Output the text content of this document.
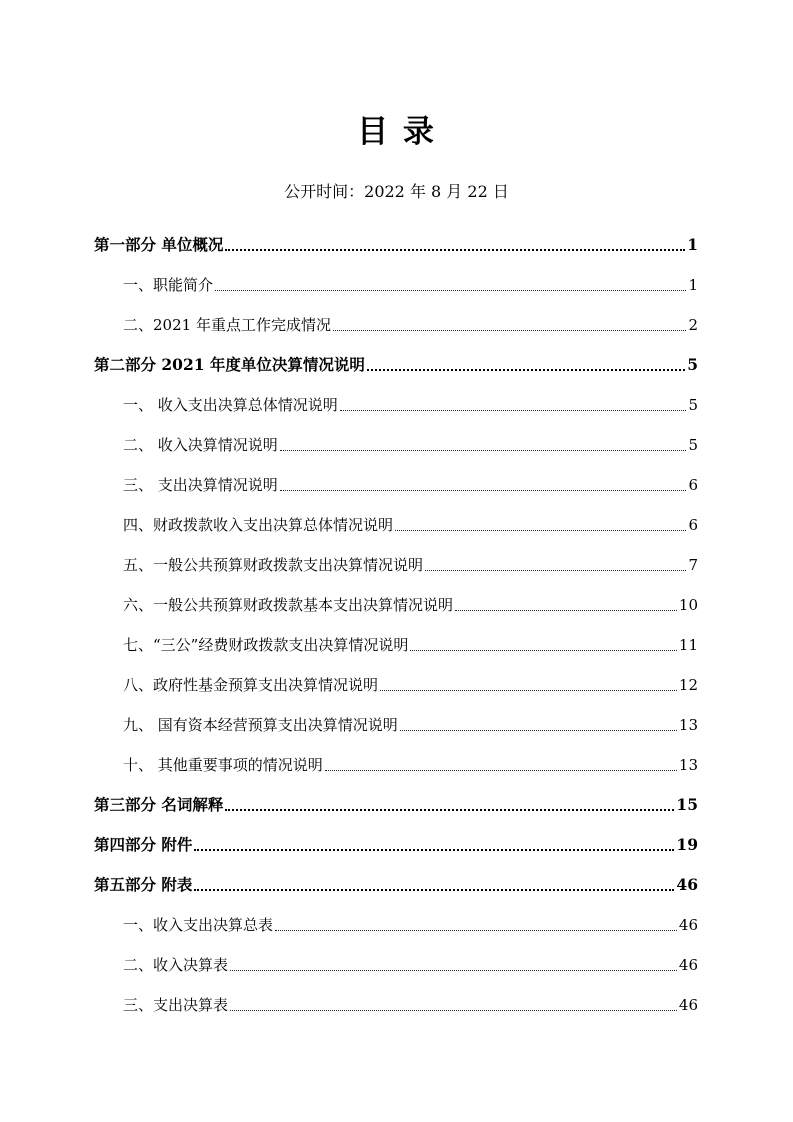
目 录
公开时间：2022 年 8 月 22 日
第一部分 单位概况	1
一、职能简介	1
二、2021 年重点工作完成情况	2
第二部分 2021 年度单位决算情况说明	5
一、 收入支出决算总体情况说明	5
二、 收入决算情况说明	5
三、 支出决算情况说明	6
四、财政拨款收入支出决算总体情况说明	6
五、一般公共预算财政拨款支出决算情况说明	7
六、一般公共预算财政拨款基本支出决算情况说明	10
七、“三公”经费财政拨款支出决算情况说明	11
八、政府性基金预算支出决算情况说明	12
九、 国有资本经营预算支出决算情况说明	13
十、 其他重要事项的情况说明	13
第三部分 名词解释	15
第四部分 附件	19
第五部分 附表	46
一、收入支出决算总表	46
二、收入决算表	46
三、支出决算表	46
